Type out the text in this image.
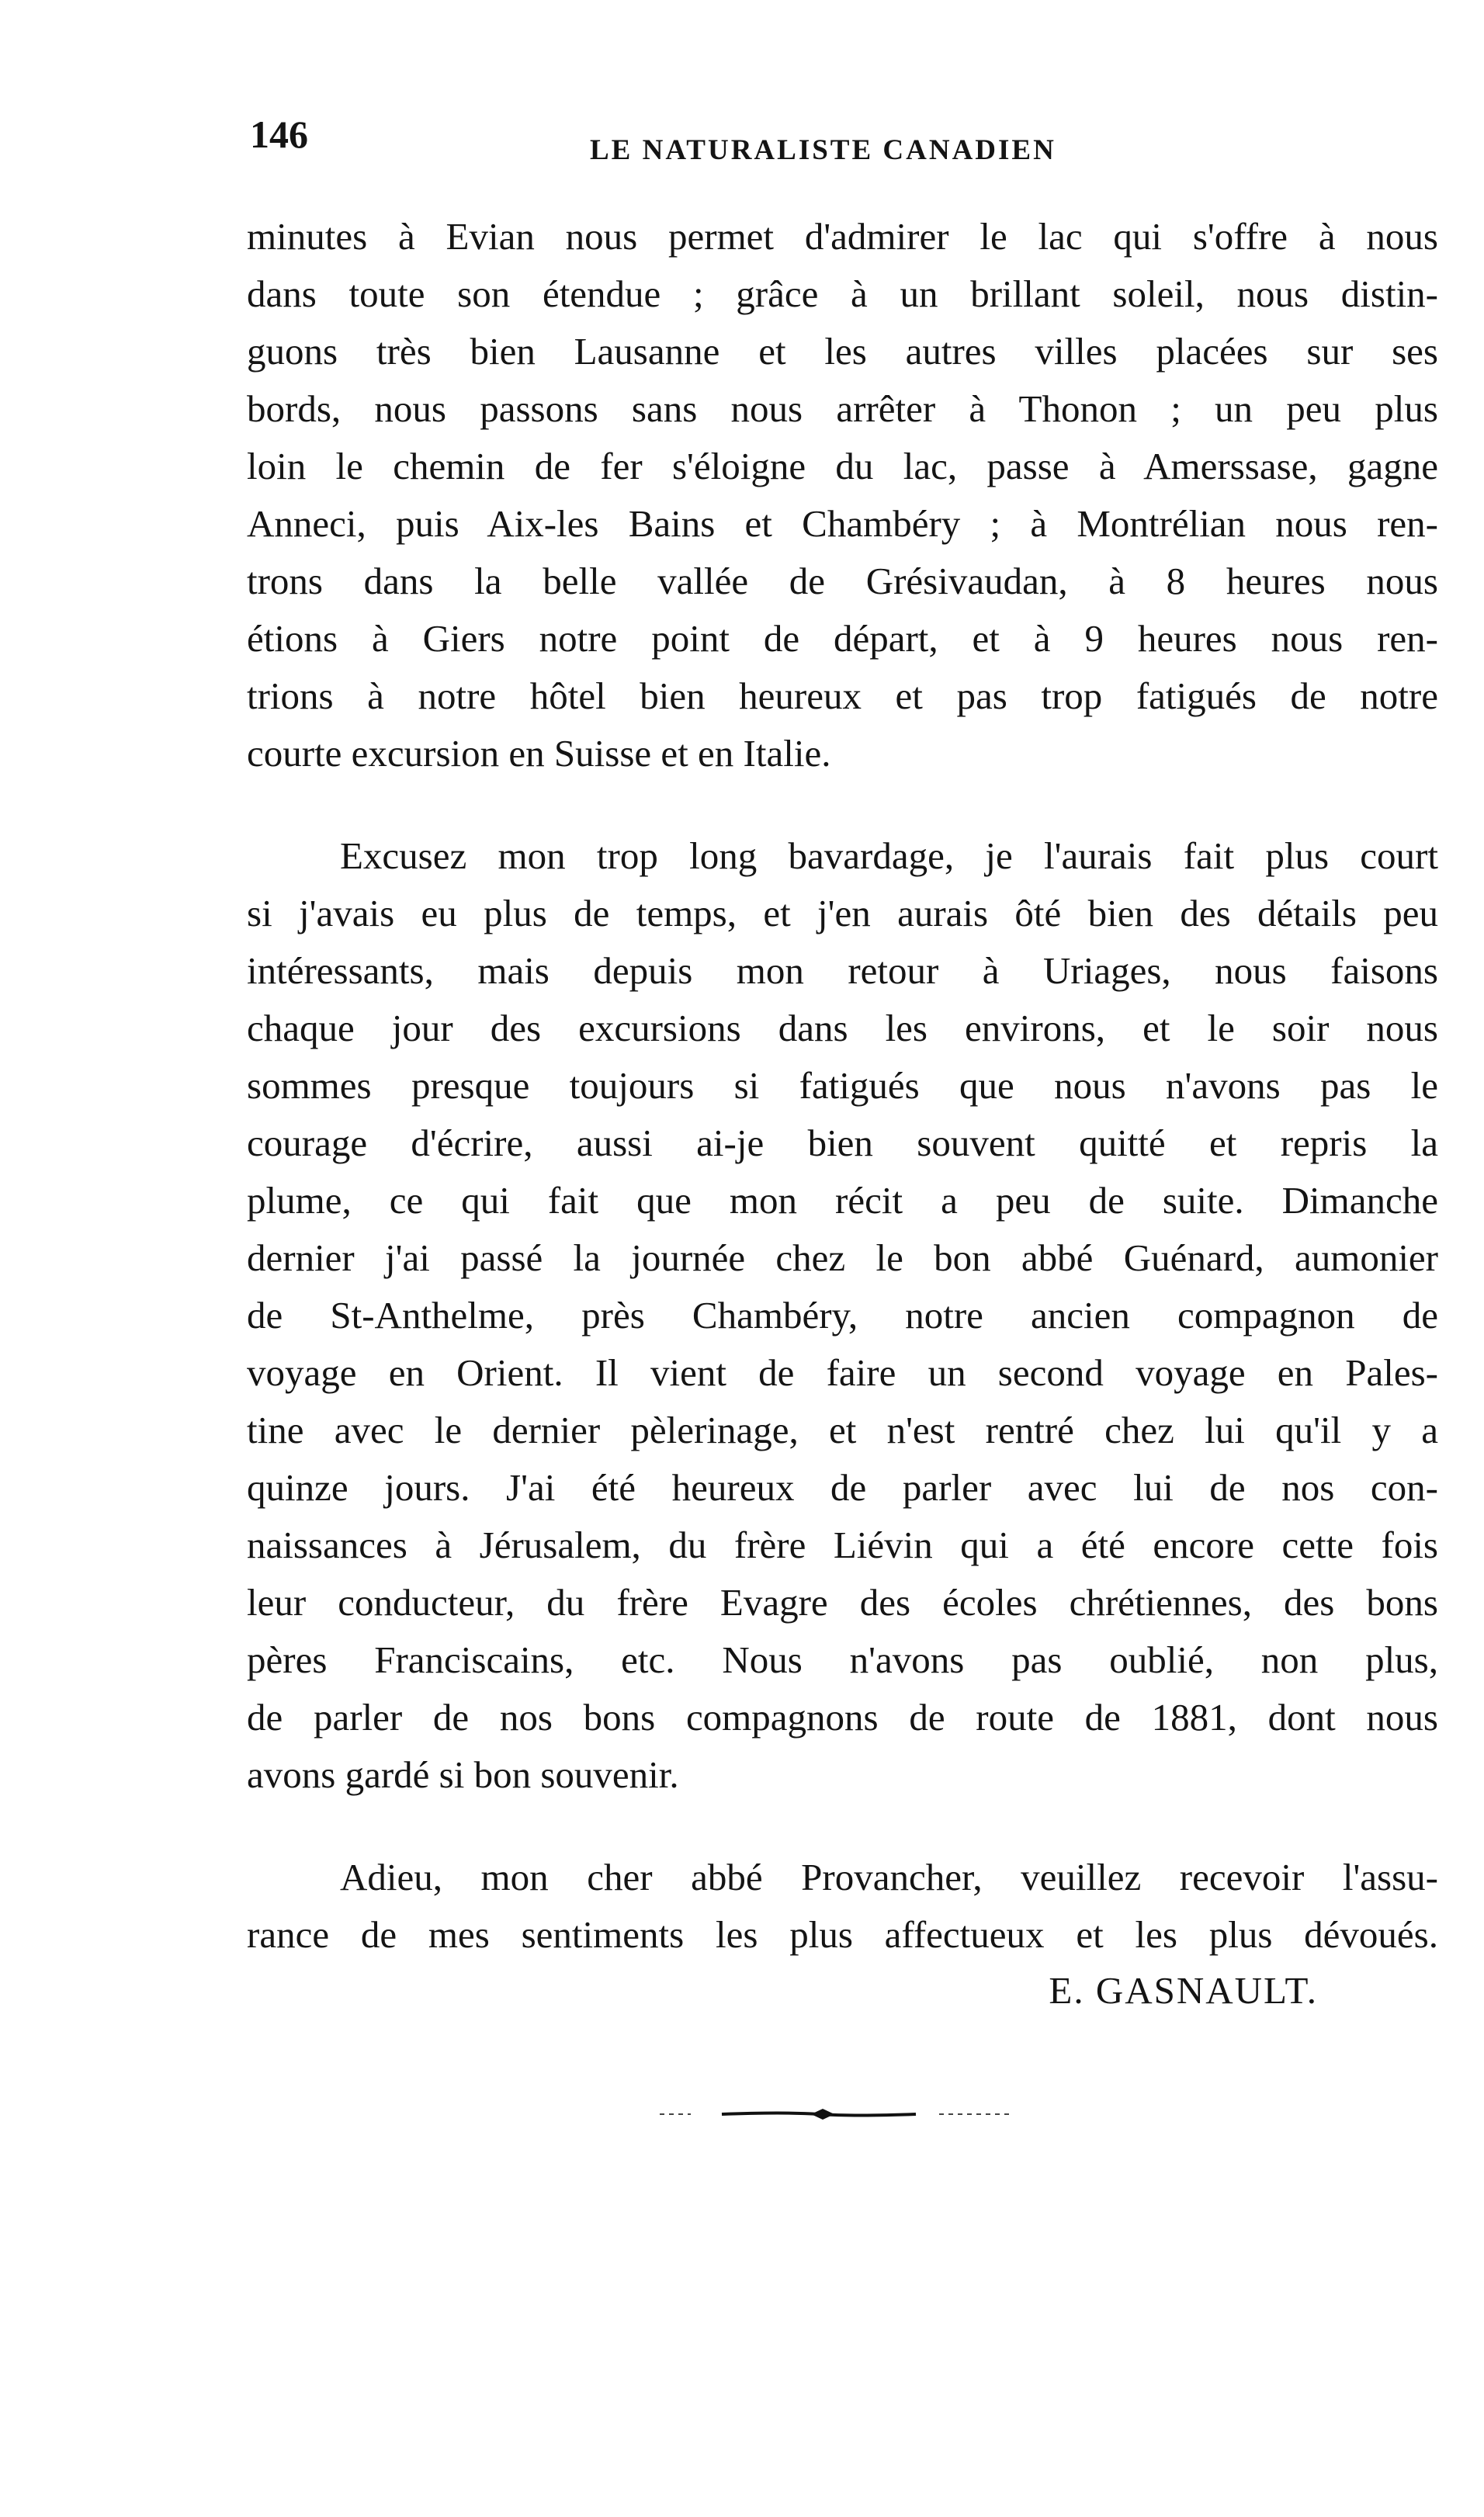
146	LE NATURALISTE CANADIEN
minutes à Evian nous permet d'admirer le lac qui s'offre à nous
dans toute son étendue ; grâce à un brillant soleil, nous distin-
guons très bien Lausanne et les autres villes placées sur ses
bords, nous passons sans nous arrêter à Thonon ; un peu plus
loin le chemin de fer s'éloigne du lac, passe à Amerssase, gagne
Anneci, puis Aix-les Bains et Chambéry ; à Montrélian nous ren-
trons dans la belle vallée de Grésivaudan, à 8 heures nous
étions à Giers notre point de départ, et à 9 heures nous ren-
trions à notre hôtel bien heureux et pas trop fatigués de notre
courte excursion en Suisse et en Italie.
Excusez mon trop long bavardage, je l'aurais fait plus court
si j'avais eu plus de temps, et j'en aurais ôté bien des détails peu
intéressants, mais depuis mon retour à Uriages, nous faisons
chaque jour des excursions dans les environs, et le soir nous
sommes presque toujours si fatigués que nous n'avons pas le
courage d'écrire, aussi ai-je bien souvent quitté et repris la
plume, ce qui fait que mon récit a peu de suite. Dimanche
dernier j'ai passé la journée chez le bon abbé Guénard, aumonier
de St-Anthelme, près Chambéry, notre ancien compagnon de
voyage en Orient. Il vient de faire un second voyage en Pales-
tine avec le dernier pèlerinage, et n'est rentré chez lui qu'il y a
quinze jours. J'ai été heureux de parler avec lui de nos con-
naissances à Jérusalem, du frère Liévin qui a été encore cette fois
leur conducteur, du frère Evagre des écoles chrétiennes, des bons
pères Franciscains, etc. Nous n'avons pas oublié, non plus,
de parler de nos bons compagnons de route de 1881, dont nous
avons gardé si bon souvenir.
Adieu, mon cher abbé Provancher, veuillez recevoir l'assu-
rance de mes sentiments les plus affectueux et les plus dévoués.
E. GASNAULT.
